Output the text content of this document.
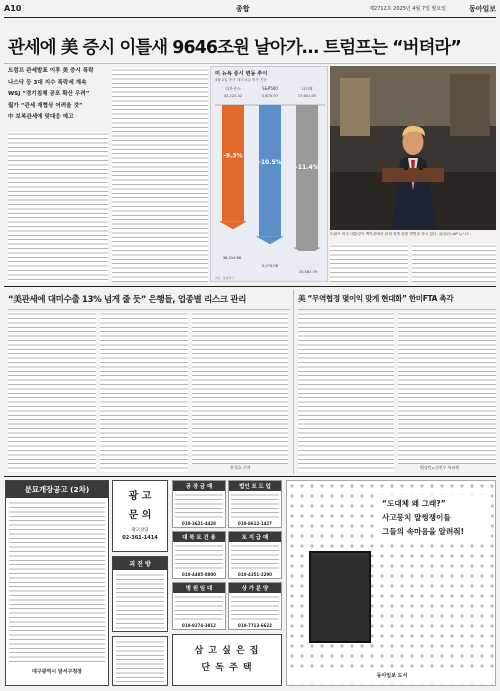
A10	종합	제2712호 2025년 4월 7일 월요일	동아일보
관세에 美 증시 이틀새 9646조원 날아가… 트럼프는 “버텨라”
트럼프 관세발표 이후 美 증시 폭락
나스닥 등 3대 지수 폭락세 계속
WSJ “경기침체 공포 확산 우려”
월가 “관세 재협상 어려울 것”
中 보복관세에 맞대응 예고
미 뉴욕 증시 변동 추이
4월 2일 종가 대비 4일 종가 기준
다우존스	S&P500	나스닥
42,225.32	5,670.97	17,601.05
-9.3%
-10.5%
-11.4%
38,314.86
5,074.08
15,587.79
자료: 블룸버그
트럼프 미국 대통령이 백악관에서 관세 정책 관련 발언을 하고 있다. 워싱턴=AP 뉴시스
“美관세에 대미수출 13% 넘게 줄 듯” 은행들, 업종별 리스크 관리
홍석호 기자
美 “무역협정 몇이익 맞게 현대화” 한미FTA 촉각
워싱턴=신진우 특파원
분묘개장공고 (2차)
대구광역시 달서구청장
광 고
문 의
광고상담
02-361-1414
괴 진 방
공 장 금 매
010-3621-4428
법인 포 도 업
010-8612-1427
대 북 토 건 용
010-4485-8800
토 지 급 매
010-4351-2290
병 원 임 대
010-9274-3812
상 가 분 양
010-7713-6622
삼 고 싶 은 집
단 독 주 택
“도대체 왜 그래?”
사고뭉치 말썽쟁이들
그들의 속마음을 알려줘!
동아일보 도서
